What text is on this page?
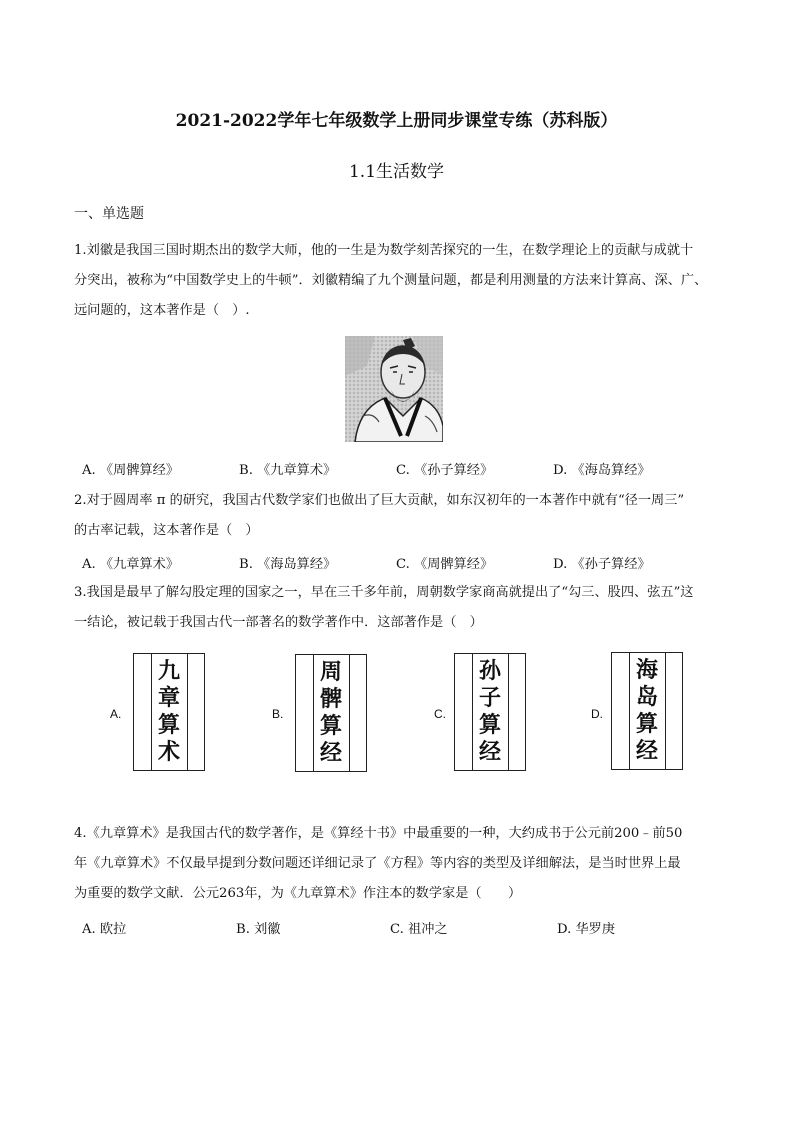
2021-2022学年七年级数学上册同步课堂专练（苏科版）
1.1生活数学
一、单选题
1.刘徽是我国三国时期杰出的数学大师，他的一生是为数学刻苦探究的一生，在数学理论上的贡献与成就十
分突出，被称为“中国数学史上的牛顿”．刘徽精编了九个测量问题，都是利用测量的方法来计算高、深、广、
远问题的，这本著作是（　）.
A. 《周髀算经》	B. 《九章算术》	C. 《孙子算经》	D. 《海岛算经》
2.对于圆周率 π 的研究，我国古代数学家们也做出了巨大贡献，如东汉初年的一本著作中就有“径一周三”
的古率记载，这本著作是（　）
A. 《九章算术》	B. 《海岛算经》	C. 《周髀算经》	D. 《孙子算经》
3.我国是最早了解勾股定理的国家之一，早在三千多年前，周朝数学家商高就提出了“勾三、股四、弦五”这
一结论，被记载于我国古代一部著名的数学著作中．这部著作是（　）
A.
九
章
算
术
B.
周
髀
算
经
C.
孙
子
算
经
D.
海
岛
算
经
4.《九章算术》是我国古代的数学著作，是《算经十书》中最重要的一种，大约成书于公元前200﹣前50
年《九章算术》不仅最早提到分数问题还详细记录了《方程》等内容的类型及详细解法，是当时世界上最
为重要的数学文献．公元263年，为《九章算术》作注本的数学家是（　　）
A. 欧拉	B. 刘徽	C. 祖冲之	D. 华罗庚
